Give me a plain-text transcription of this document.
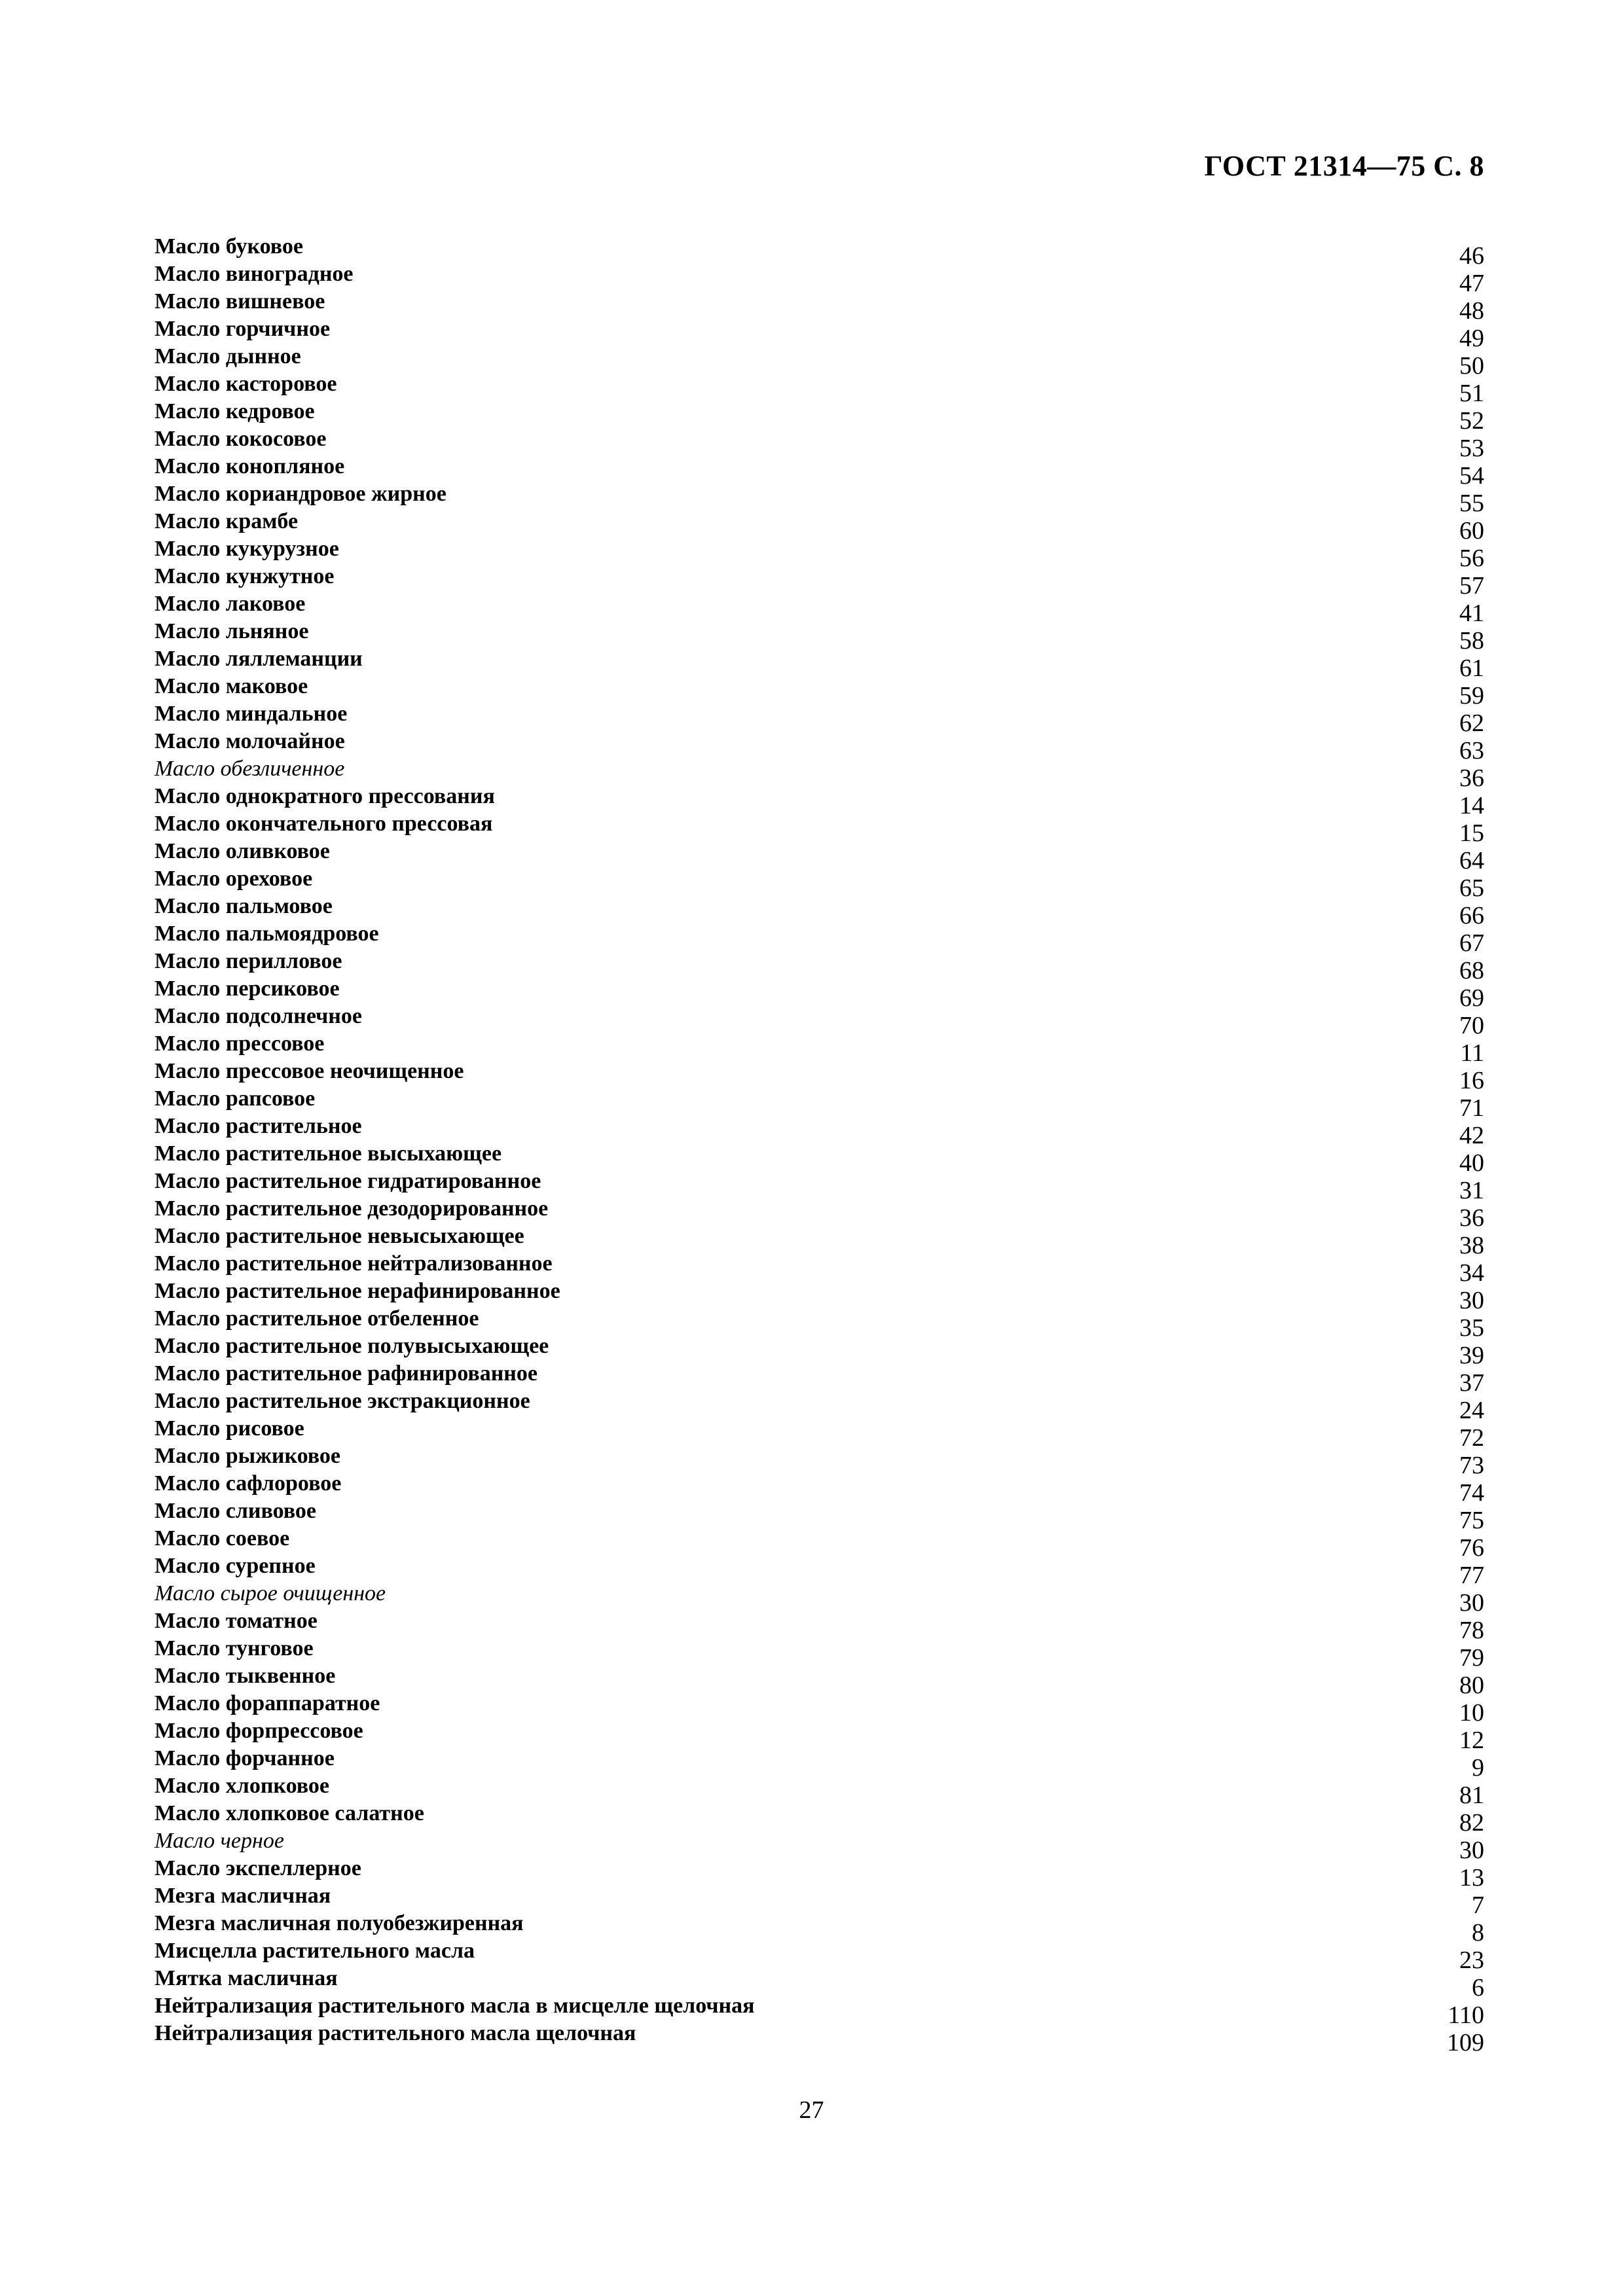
ГОСТ 21314—75 С. 8
Масло буковое	46
Масло виноградное	47
Масло вишневое	48
Масло горчичное	49
Масло дынное	50
Масло касторовое	51
Масло кедровое	52
Масло кокосовое	53
Масло конопляное	54
Масло кориандровое жирное	55
Масло крамбе	60
Масло кукурузное	56
Масло кунжутное	57
Масло лаковое	41
Масло льняное	58
Масло ляллеманции	61
Масло маковое	59
Масло миндальное	62
Масло молочайное	63
Масло обезличенное	36
Масло однократного прессования	14
Масло окончательного прессовая	15
Масло оливковое	64
Масло ореховое	65
Масло пальмовое	66
Масло пальмоядровое	67
Масло перилловое	68
Масло персиковое	69
Масло подсолнечное	70
Масло прессовое	11
Масло прессовое неочищенное	16
Масло рапсовое	71
Масло растительное	42
Масло растительное высыхающее	40
Масло растительное гидратированное	31
Масло растительное дезодорированное	36
Масло растительное невысыхающее	38
Масло растительное нейтрализованное	34
Масло растительное нерафинированное	30
Масло растительное отбеленное	35
Масло растительное полувысыхающее	39
Масло растительное рафинированное	37
Масло растительное экстракционное	24
Масло рисовое	72
Масло рыжиковое	73
Масло сафлоровое	74
Масло сливовое	75
Масло соевое	76
Масло сурепное	77
Масло сырое очищенное	30
Масло томатное	78
Масло тунговое	79
Масло тыквенное	80
Масло фораппаратное	10
Масло форпрессовое	12
Масло форчанное	9
Масло хлопковое	81
Масло хлопковое салатное	82
Масло черное	30
Масло экспеллерное	13
Мезга масличная	7
Мезга масличная полуобезжиренная	8
Мисцелла растительного масла	23
Мятка масличная	6
Нейтрализация растительного масла в мисцелле щелочная	110
Нейтрализация растительного масла щелочная	109
27
